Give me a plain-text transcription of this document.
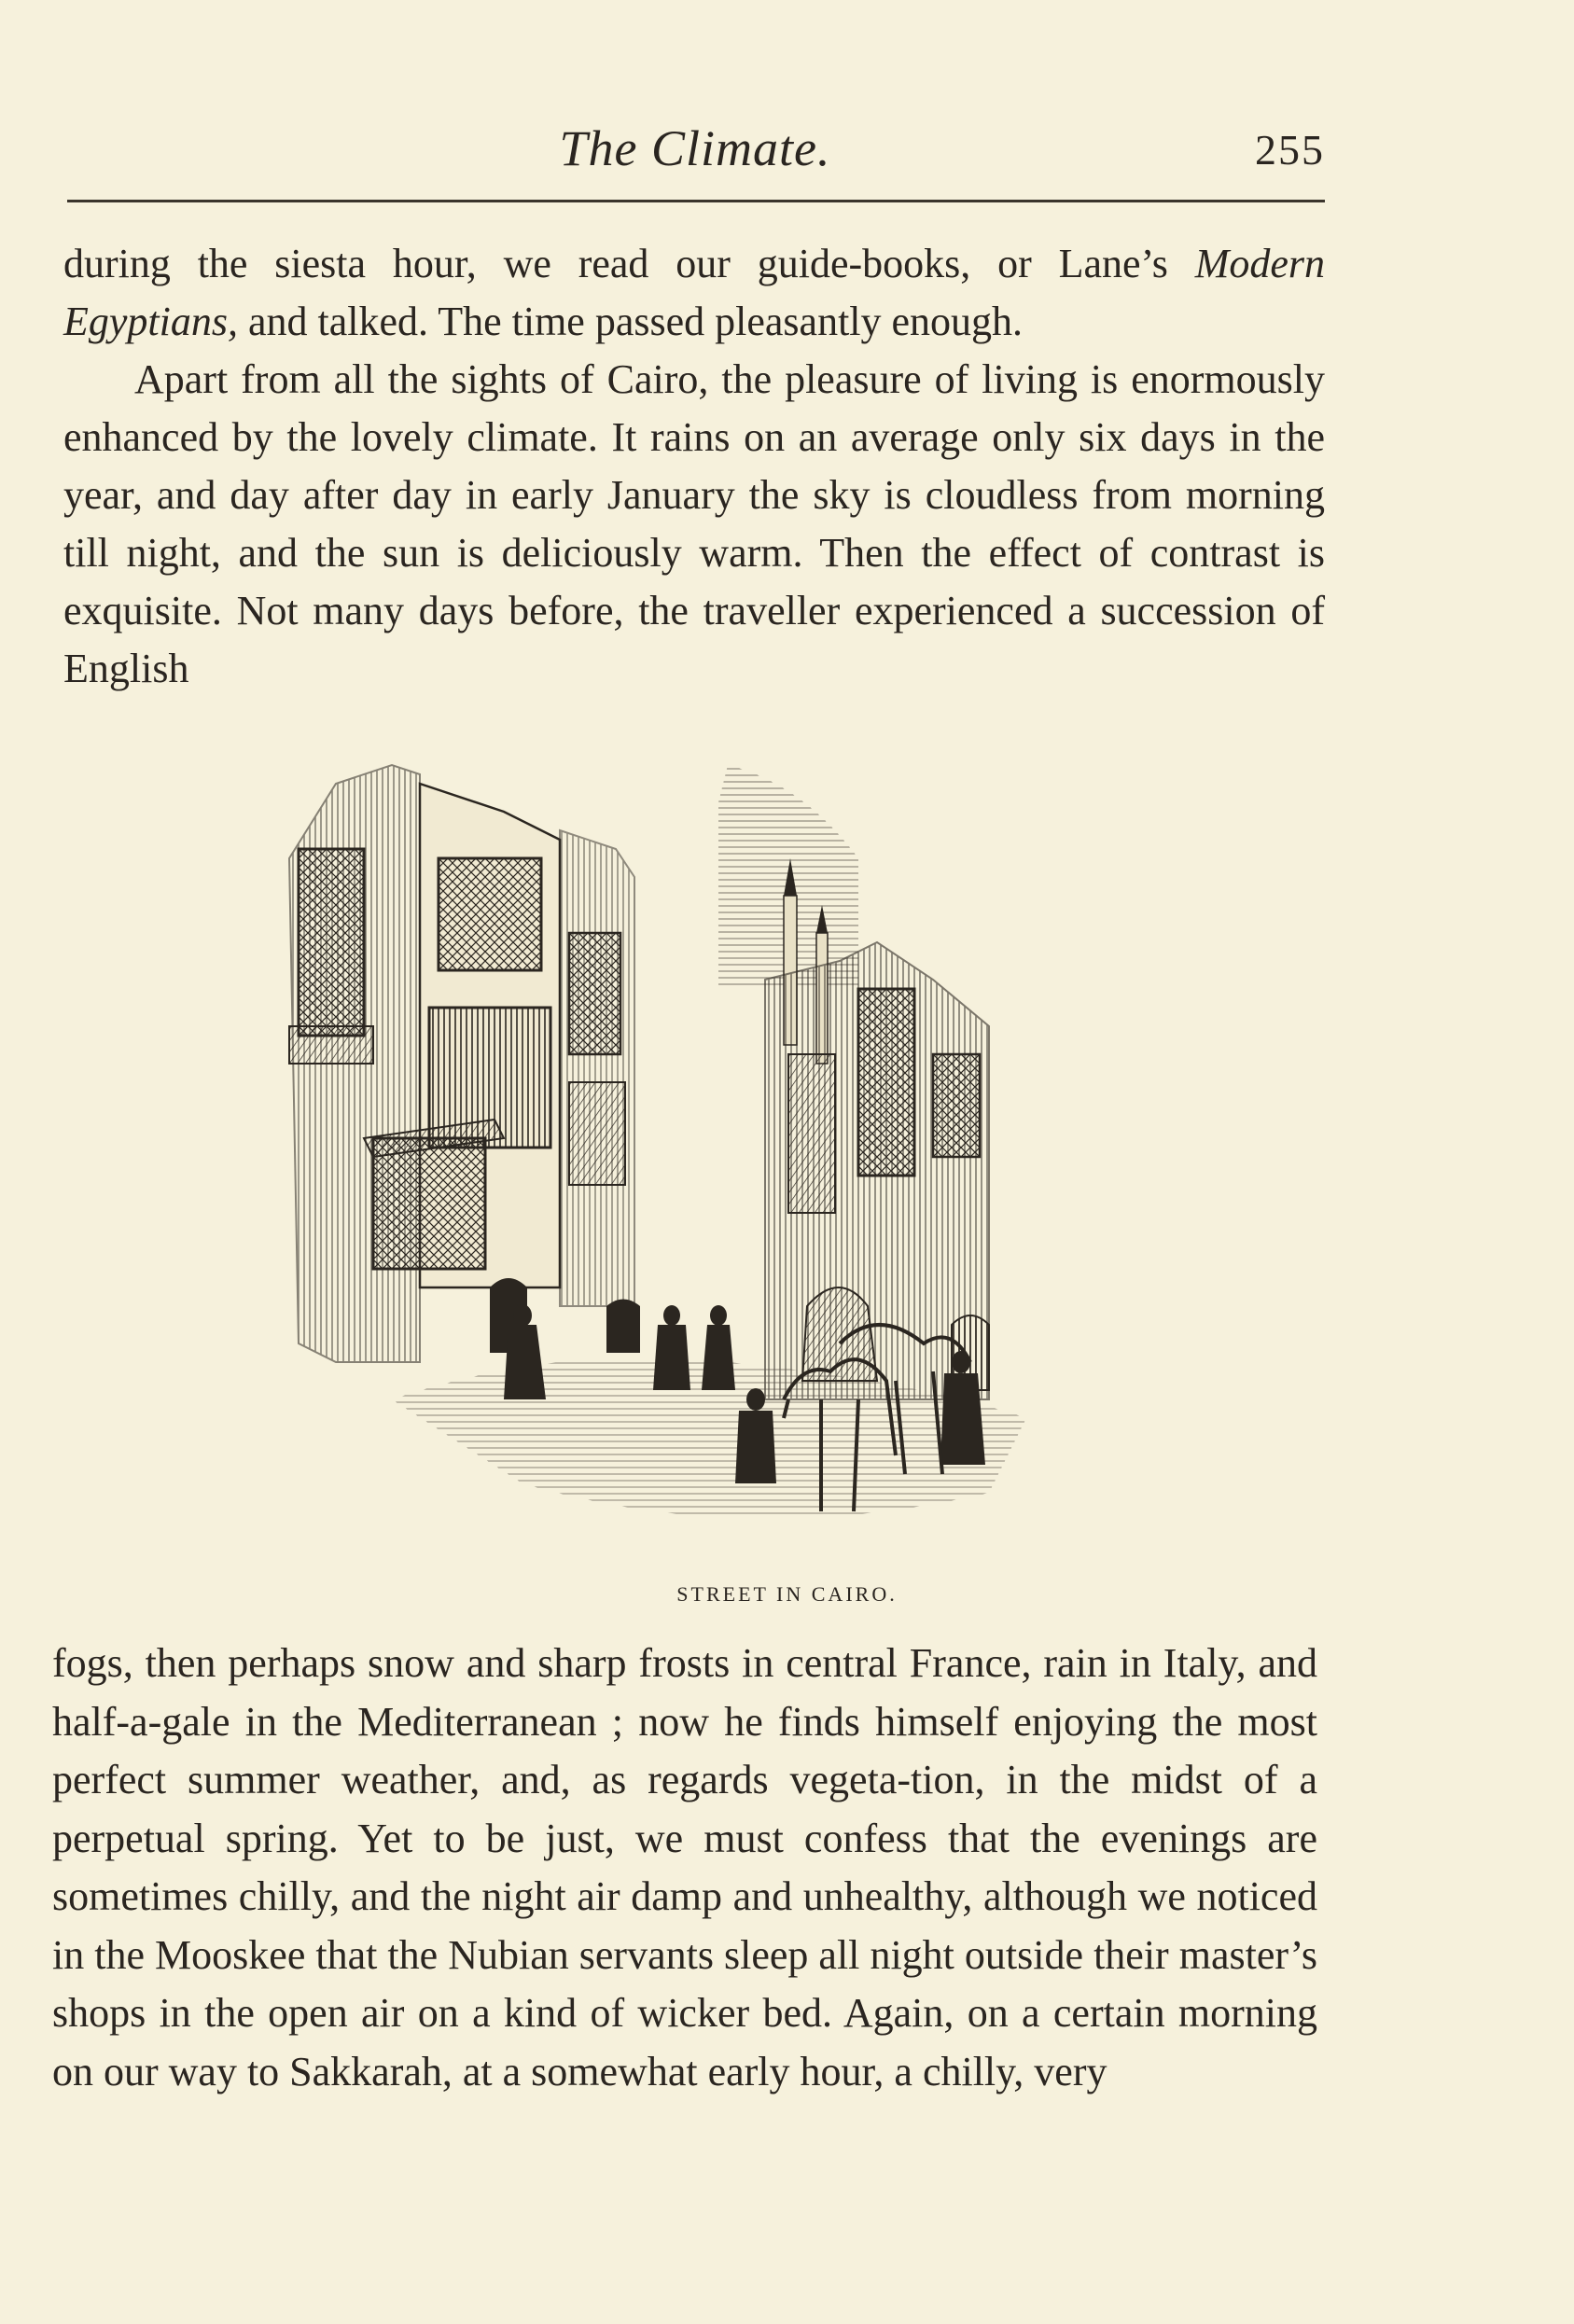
The Climate.	255

during the siesta hour, we read our guide-books, or Lane’s Modern Egyptians, and talked. The time passed pleasantly enough.

Apart from all the sights of Cairo, the pleasure of living is enormously enhanced by the lovely climate. It rains on an average only six days in the year, and day after day in early January the sky is cloudless from morning till night, and the sun is deliciously warm. Then the effect of contrast is exquisite. Not many days before, the traveller experienced a succession of English

STREET IN CAIRO.

fogs, then perhaps snow and sharp frosts in central France, rain in Italy, and half-a-gale in the Mediterranean ; now he finds himself enjoying the most perfect summer weather, and, as regards vegeta-tion, in the midst of a perpetual spring. Yet to be just, we must confess that the evenings are sometimes chilly, and the night air damp and unhealthy, although we noticed in the Mooskee that the Nubian servants sleep all night outside their master’s shops in the open air on a kind of wicker bed. Again, on a certain morning on our way to Sakkarah, at a somewhat early hour, a chilly, very
